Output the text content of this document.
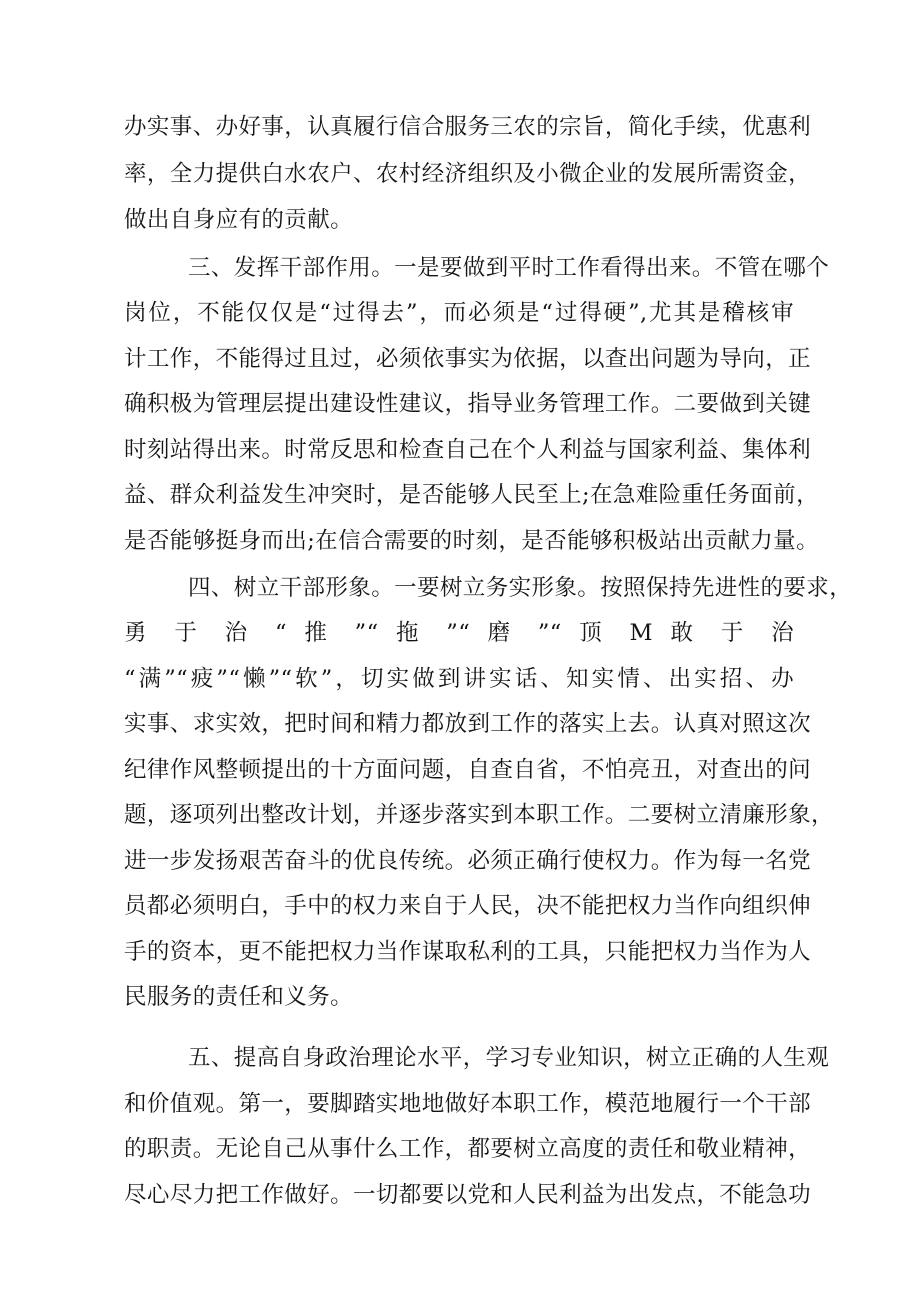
办实事、办好事，认真履行信合服务三农的宗旨，简化手续，优惠利
率，全力提供白水农户、农村经济组织及小微企业的发展所需资金，
做出自身应有的贡献。
三、发挥干部作用。一是要做到平时工作看得出来。不管在哪个
岗位，不能仅仅是“过得去”，而必须是“过得硬”,尤其是稽核审
计工作，不能得过且过，必须依事实为依据，以查出问题为导向，正
确积极为管理层提出建设性建议，指导业务管理工作。二要做到关键
时刻站得出来。时常反思和检查自己在个人利益与国家利益、集体利
益、群众利益发生冲突时，是否能够人民至上;在急难险重任务面前，
是否能够挺身而出;在信合需要的时刻，是否能够积极站出贡献力量。
四、树立干部形象。一要树立务实形象。按照保持先进性的要求，
勇 于 治 “ 推 ”“ 拖 ”“ 磨 ”“ 顶 M 敢 于 治
“满”“疲”“懒”“软”，切实做到讲实话、知实情、出实招、办
实事、求实效，把时间和精力都放到工作的落实上去。认真对照这次
纪律作风整顿提出的十方面问题，自查自省，不怕亮丑，对查出的问
题，逐项列出整改计划，并逐步落实到本职工作。二要树立清廉形象，
进一步发扬艰苦奋斗的优良传统。必须正确行使权力。作为每一名党
员都必须明白，手中的权力来自于人民，决不能把权力当作向组织伸
手的资本，更不能把权力当作谋取私利的工具，只能把权力当作为人
民服务的责任和义务。
五、提高自身政治理论水平，学习专业知识，树立正确的人生观
和价值观。第一，要脚踏实地地做好本职工作，模范地履行一个干部
的职责。无论自己从事什么工作，都要树立高度的责任和敬业精神，
尽心尽力把工作做好。一切都要以党和人民利益为出发点，不能急功
